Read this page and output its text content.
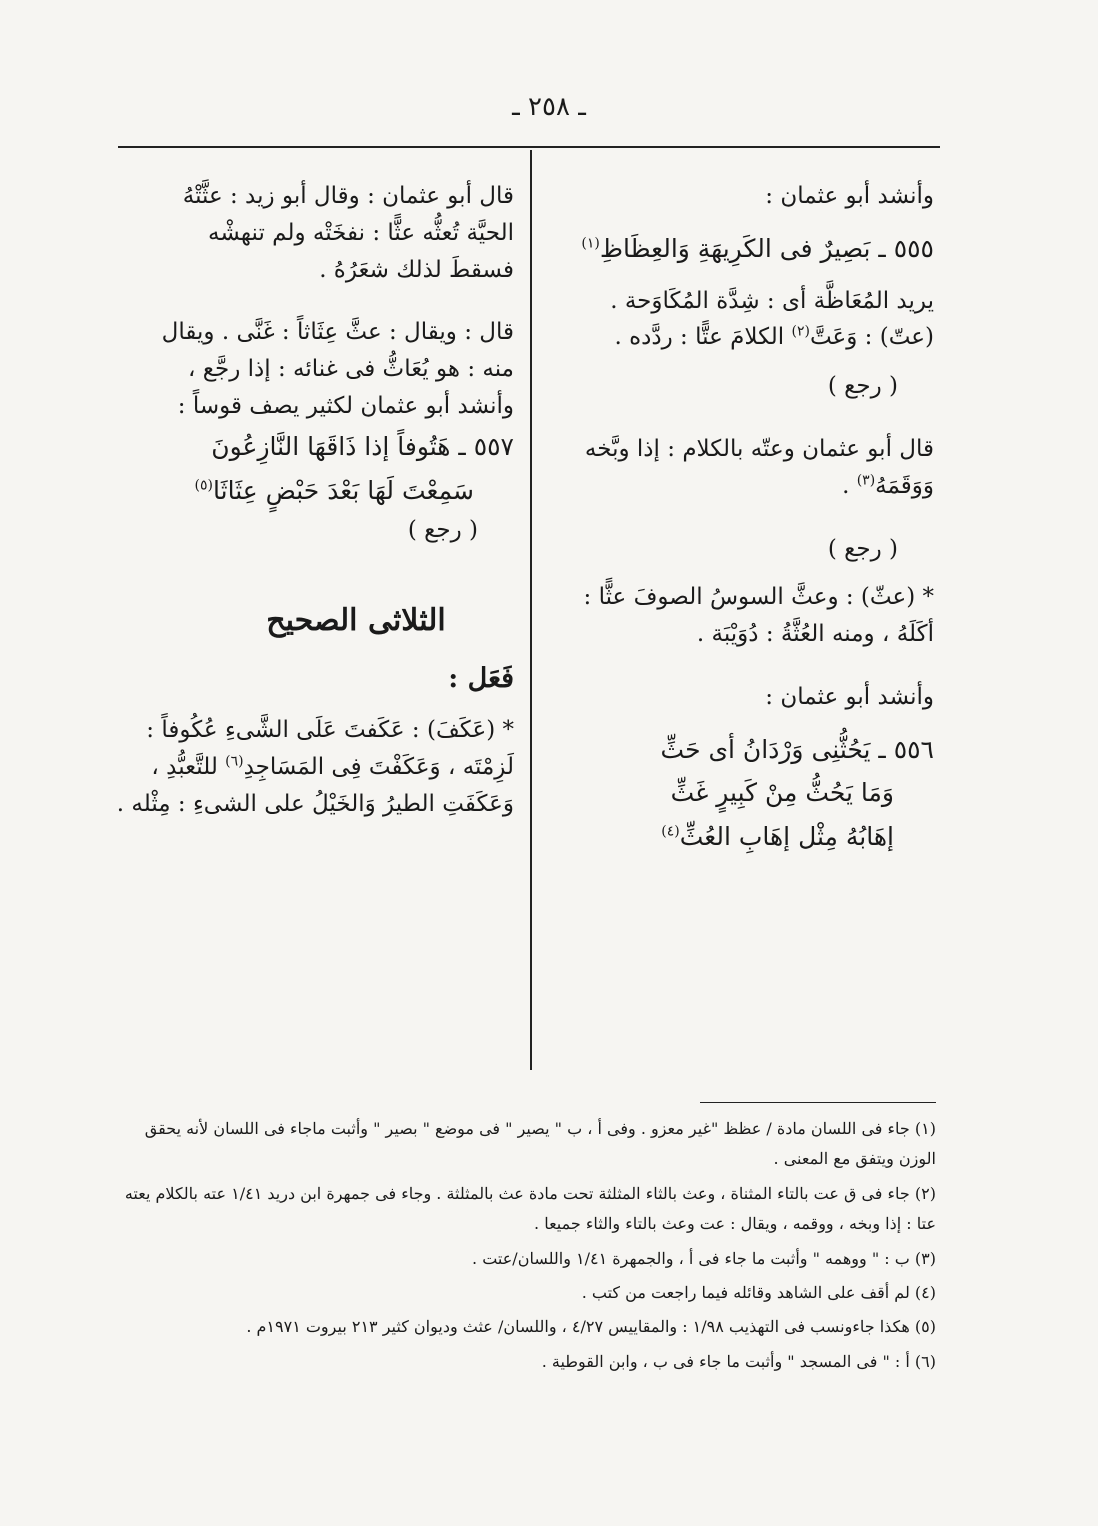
ـ ٢٥٨ ـ

وأنشد أبو عثمان :

٥٥٥ ـ بَصِيرٌ فى الكَرِيهَةِ وَالعِظَاظِ$^{(١)}$

يريد المُعَاظَّة أى : شِدَّة المُكَاوَحة .

(عتّ) : وَعَتَّ$^{(٢)}$ الكلامَ عتًّا : ردَّده .

( رجع )

قال أبو عثمان وعتّه بالكلام : إذا وبَّخه

وَوَقَمَهُ$^{(٣)}$ .

( رجع )

* (عثّ) : وعثَّ السوسُ الصوفَ عثًّا :

أكَلَهُ ، ومنه العُثَّةُ : دُوَيْبَة .

وأنشد أبو عثمان :

٥٥٦ ـ يَحُثُّنِى وَرْدَانُ أى حَثِّ

وَمَا يَحُثُّ مِنْ كَبِيرٍ غَثِّ

إهَابُهُ مِثْل إهَابِ العُثِّ$^{(٤)}$

قال أبو عثمان : وقال أبو زيد : عثَّتْهُ

الحيَّة تُعثُّه عثًّا : نفخَتْه ولم تنهشْه

فسقطَ لذلك شعَرُهُ .

قال : ويقال : عثَّ عِثَاثاً : غَنَّى . ويقال

منه : هو يُعَاثُّ فى غنائه : إذا رجَّع ،

وأنشد أبو عثمان لكثير يصف قوساً :

٥٥٧ ـ هَتُوفاً إذا ذَاقَهَا النَّازِعُونَ

سَمِعْتَ لَهَا بَعْدَ حَبْضٍ عِثَاثَا$^{(٥)}$

( رجع )

الثلاثى الصحيح

فَعَل :

* (عَكَفَ) : عَكَفتَ عَلَى الشَّىءِ عُكُوفاً :

لَزِمْتَه ، وَعَكَفْتَ فِى المَسَاجِدِ$^{(٦)}$ للتَّعبُّدِ ،

وَعَكَفَتِ الطيرُ وَالخَيْلُ على الشىءِ : مِثْله .

(١) جاء فى اللسان مادة / عظظ "غير معزو . وفى أ ، ب " يصير " فى موضع " بصير " وأثبت ماجاء فى اللسان لأنه يحقق الوزن ويتفق مع المعنى .

(٢) جاء فى ق عت بالتاء المثناة ، وعث بالثاء المثلثة تحت مادة عث بالمثلثة . وجاء فى جمهرة ابن دريد ١/٤١ عته بالكلام يعته عتا : إذا وبخه ، ووقمه ، ويقال : عت وعث بالتاء والثاء جميعا .

(٣) ب : " ووهمه " وأثبت ما جاء فى أ ، والجمهرة ١/٤١ واللسان/عتت .

(٤) لم أقف على الشاهد وقائله فيما راجعت من كتب .

(٥) هكذا جاءونسب فى التهذيب ١/٩٨ : والمقاييس ٤/٢٧ ، واللسان/ عثث وديوان كثير ٢١٣ بيروت ١٩٧١م .

(٦) أ : " فى المسجد " وأثبت ما جاء فى ب ، وابن القوطية .
